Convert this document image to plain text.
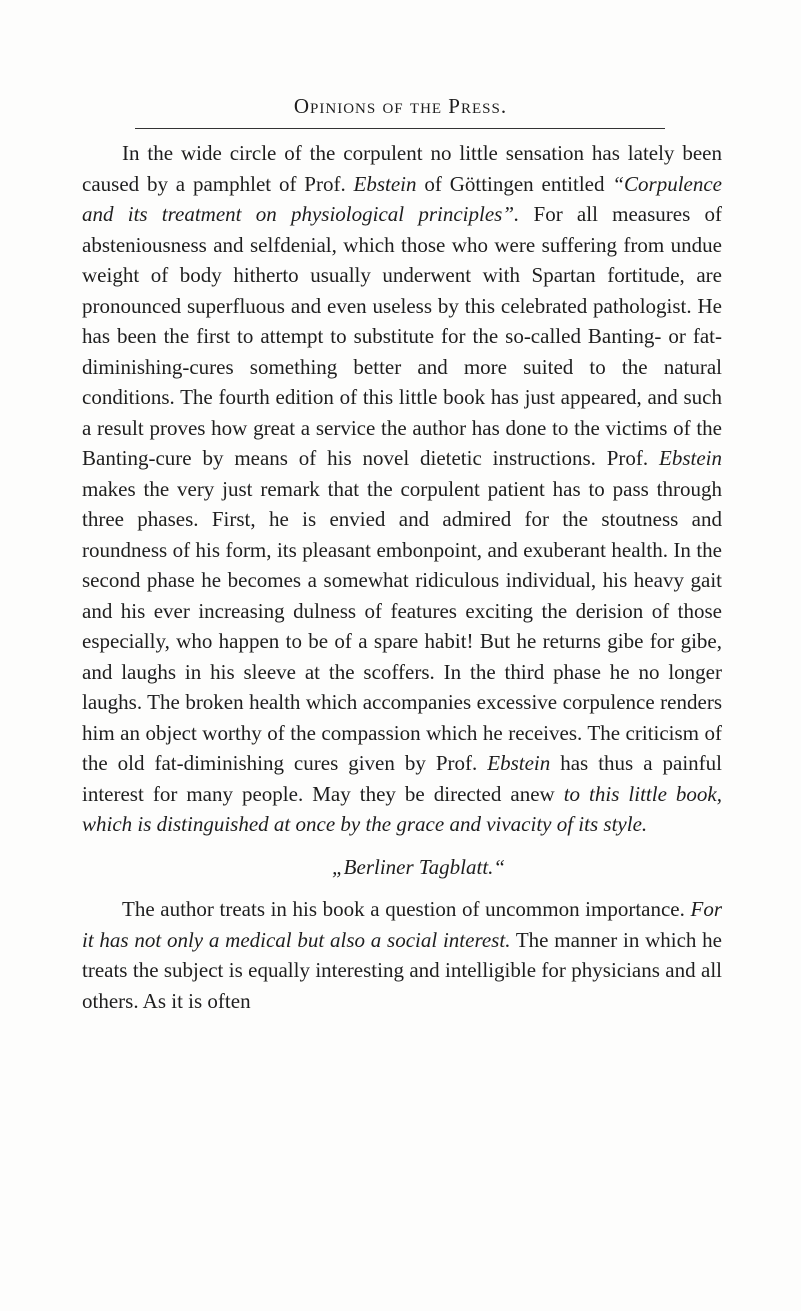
Opinions of the Press.

In the wide circle of the corpulent no little sensation has lately been caused by a pamphlet of Prof. Ebstein of Göttingen entitled “Corpulence and its treatment on physiological principles”. For all measures of absteniousness and selfdenial, which those who were suffering from undue weight of body hitherto usually underwent with Spartan fortitude, are pronounced superfluous and even useless by this celebrated pathologist. He has been the first to attempt to substitute for the so-called Banting- or fat-diminishing-cures something better and more suited to the natural conditions. The fourth edition of this little book has just appeared, and such a result proves how great a service the author has done to the victims of the Banting-cure by means of his novel dietetic instructions. Prof. Ebstein makes the very just remark that the corpulent patient has to pass through three phases. First, he is envied and admired for the stoutness and roundness of his form, its pleasant embonpoint, and exuberant health. In the second phase he becomes a somewhat ridiculous individual, his heavy gait and his ever increasing dulness of features exciting the derision of those especially, who happen to be of a spare habit! But he returns gibe for gibe, and laughs in his sleeve at the scoffers. In the third phase he no longer laughs. The broken health which accompanies excessive corpulence renders him an object worthy of the compassion which he receives. The criticism of the old fat-diminishing cures given by Prof. Ebstein has thus a painful interest for many people. May they be directed anew to this little book, which is distinguished at once by the grace and vivacity of its style.

„Berliner Tagblatt.“

The author treats in his book a question of uncommon importance. For it has not only a medical but also a social interest. The manner in which he treats the subject is equally interesting and intelligible for physicians and all others. As it is often
